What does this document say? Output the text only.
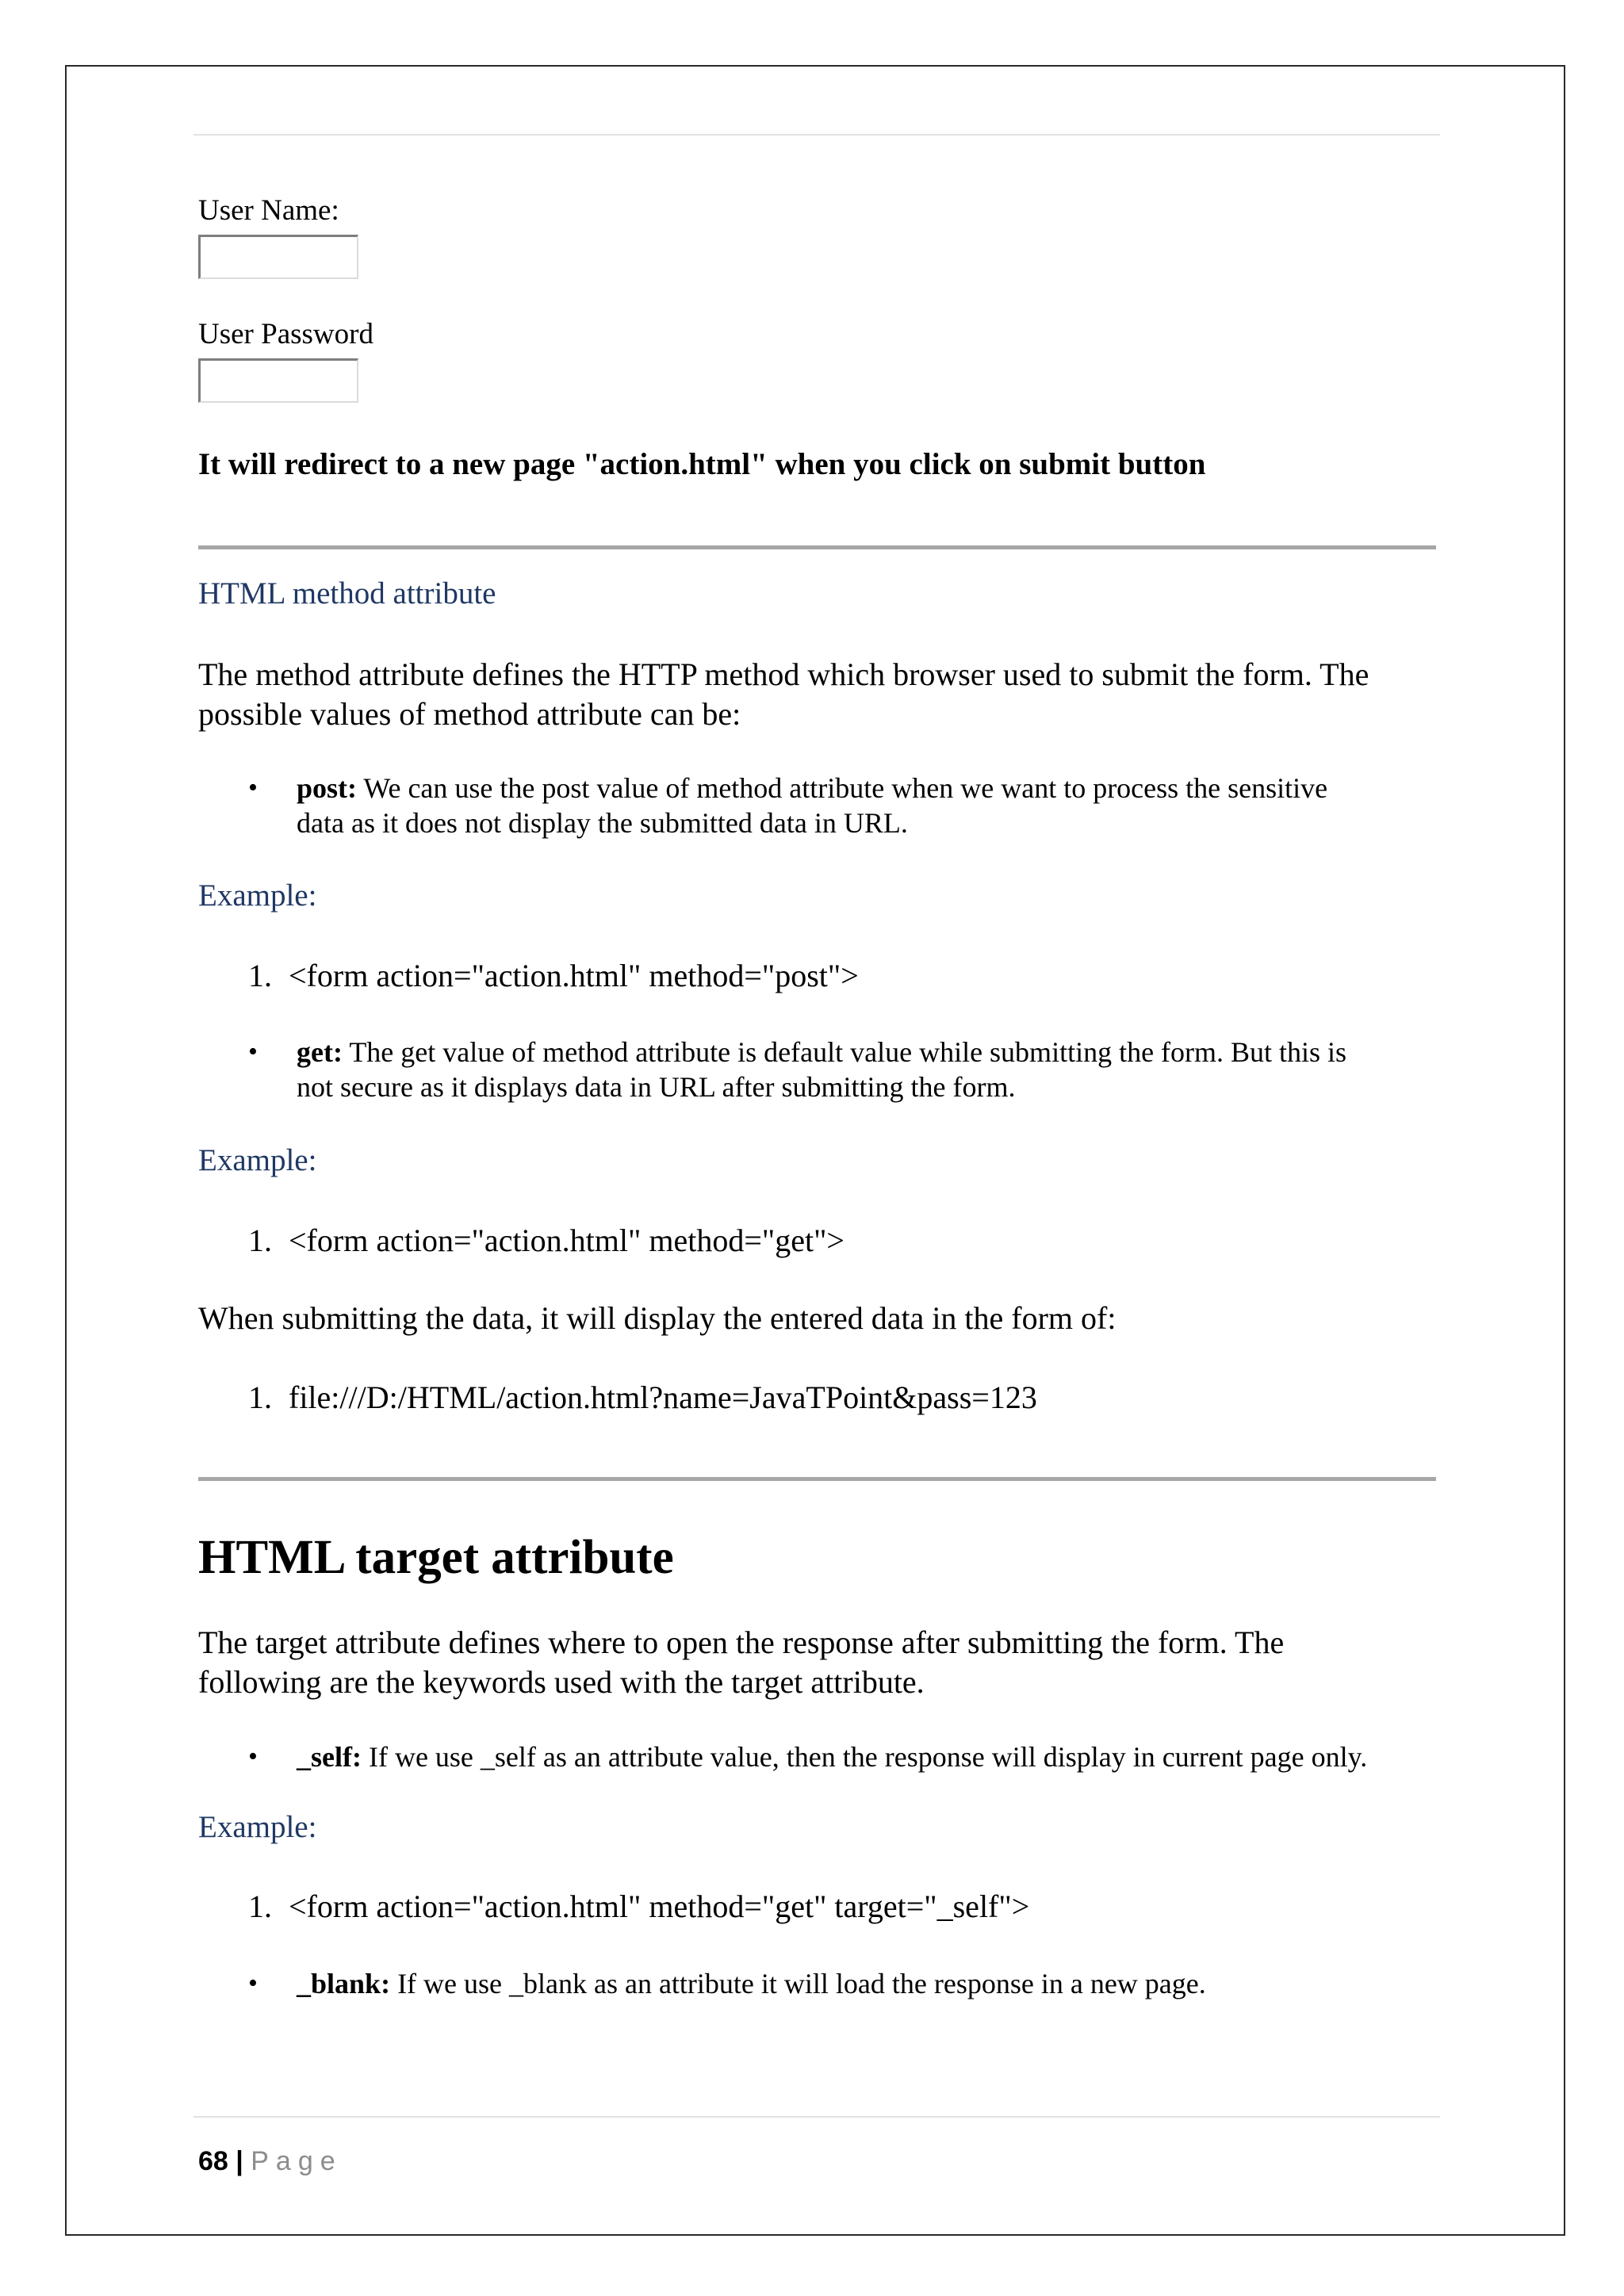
User Name:
User Password
It will redirect to a new page "action.html" when you click on submit button
HTML method attribute

The method attribute defines the HTTP method which browser used to submit the form. The

possible values of method attribute can be:

• post: We can use the post value of method attribute when we want to process the sensitive

data as it does not display the submitted data in URL.

Example:
1. <form action="action.html" method="post">
• get: The get value of method attribute is default value while submitting the form. But this is

not secure as it displays data in URL after submitting the form.

Example:
1. <form action="action.html" method="get">

When submitting the data, it will display the entered data in the form of:

1. file:///D:/HTML/action.html?name=JavaTPoint&pass=123
HTML target attribute

The target attribute defines where to open the response after submitting the form. The

following are the keywords used with the target attribute.

• _self: If we use _self as an attribute value, then the response will display in current page only.

Example:
1. <form action="action.html" method="get" target="_self">
• _blank: If we use _blank as an attribute it will load the response in a new page.

68 | Page
